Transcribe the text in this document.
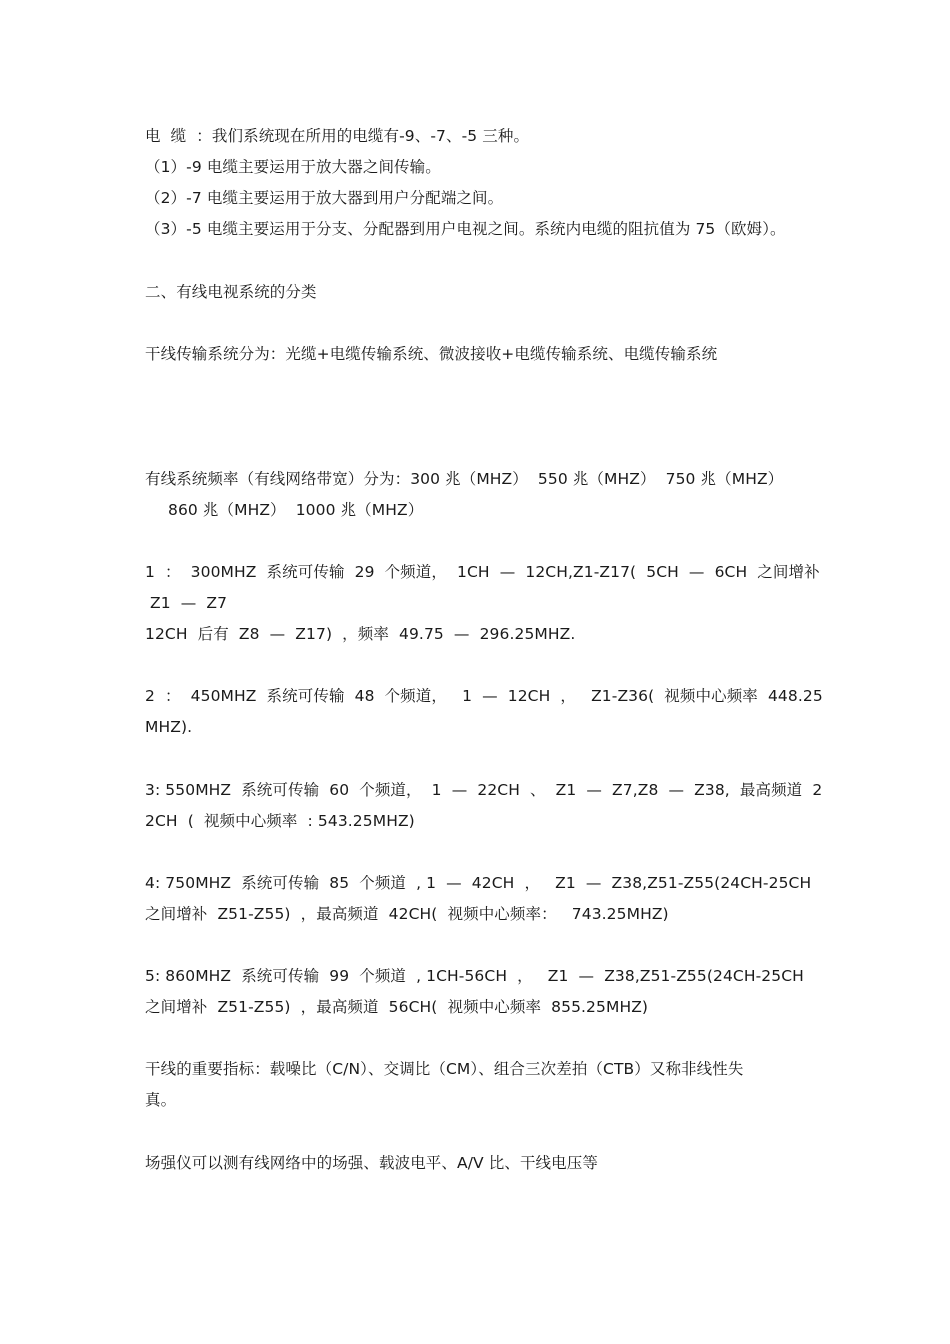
电  缆  ：我们系统现在所用的电缆有-9、-7、-5 三种。
（1）-9 电缆主要运用于放大器之间传输。
（2）-7 电缆主要运用于放大器到用户分配端之间。
（3）-5 电缆主要运用于分支、分配器到用户电视之间。系统内电缆的阻抗值为 75（欧姆）。
二、有线电视系统的分类
干线传输系统分为：光缆+电缆传输系统、微波接收+电缆传输系统、电缆传输系统
有线系统频率（有线网络带宽）分为：300 兆（MHZ）  550 兆（MHZ）  750 兆（MHZ）
860 兆（MHZ）  1000 兆（MHZ）
1  ：  300MHZ  系统可传输  29  个频道，  1CH  —  12CH,Z1-Z17(  5CH  —  6CH  之间增补
Z1  —  Z7
12CH  后有  Z8  —  Z17)  ，频率  49.75  —  296.25MHZ.
2  ：  450MHZ  系统可传输  48  个频道，   1  —  12CH  ，   Z1-Z36(  视频中心频率  448.25
MHZ).
3: 550MHZ  系统可传输  60  个频道，  1  —  22CH  、  Z1  —  Z7,Z8  —  Z38,  最高频道  2
2CH  (  视频中心频率  : 543.25MHZ)
4: 750MHZ  系统可传输  85  个频道  , 1  —  42CH  ，   Z1  —  Z38,Z51-Z55(24CH-25CH
之间增补  Z51-Z55)  ，最高频道  42CH(  视频中心频率：   743.25MHZ)
5: 860MHZ  系统可传输  99  个频道  , 1CH-56CH  ，   Z1  —  Z38,Z51-Z55(24CH-25CH
之间增补  Z51-Z55)  ，最高频道  56CH(  视频中心频率  855.25MHZ)
干线的重要指标：载噪比（C/N）、交调比（CM）、组合三次差拍（CTB）又称非线性失
真。
场强仪可以测有线网络中的场强、载波电平、A/V 比、干线电压等
